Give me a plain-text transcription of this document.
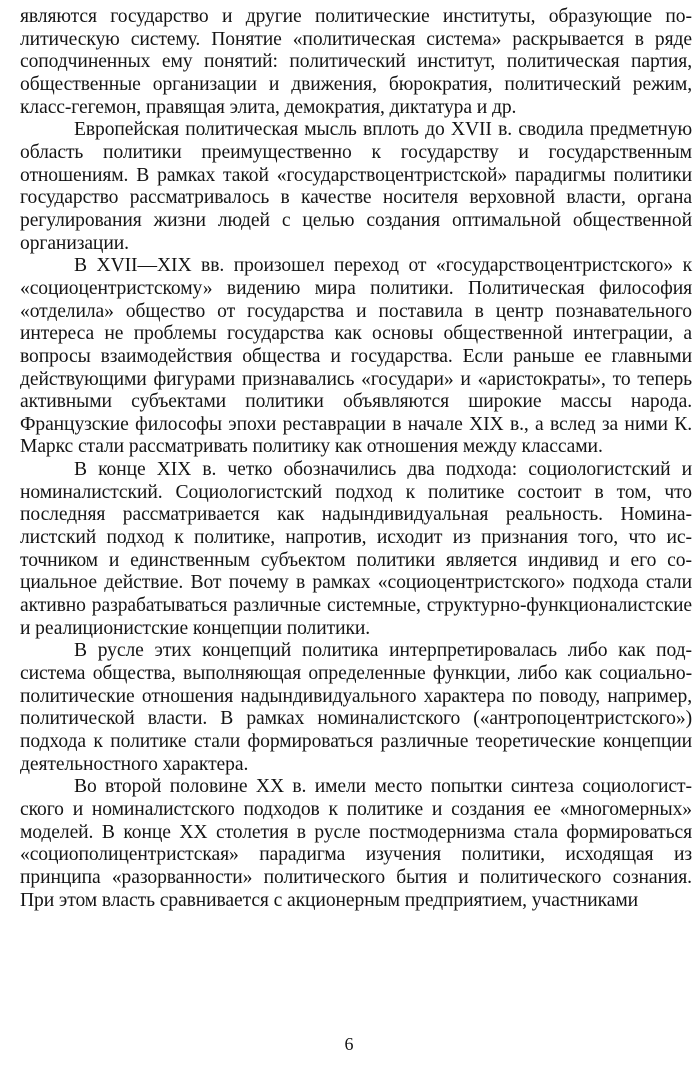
являются государство и другие политические институты, образующие политическую систему. Понятие «политическая система» раскрывается в ряде соподчиненных ему понятий: политический институт, политическая партия, общественные организации и движения, бюрократия, политический режим, класс-гегемон, правящая элита, демократия, диктатура и др.

Европейская политическая мысль вплоть до XVII в. сводила предметную область политики преимущественно к государству и государственным отношениям. В рамках такой «государствоцентристской» парадигмы политики государство рассматривалось в качестве носителя верховной власти, органа регулирования жизни людей с целью создания оптимальной общественной организации.

В XVII—XIX вв. произошел переход от «государствоцентристского» к «социоцентристскому» видению мира политики. Политическая философия «отделила» общество от государства и поставила в центр познавательного интереса не проблемы государства как основы общественной интеграции, а вопросы взаимодействия общества и государства. Если раньше ее главными действующими фигурами признавались «государи» и «аристократы», то теперь активными субъектами политики объявляются широкие массы народа. Французские философы эпохи реставрации в начале XIX в., а вслед за ними К. Маркс стали рассматривать политику как отношения между классами.

В конце XIX в. четко обозначились два подхода: социологистский и номиналистский. Социологистский подход к политике состоит в том, что последняя рассматривается как надындивидуальная реальность. Номиналистский подход к политике, напротив, исходит из признания того, что источником и единственным субъектом политики является индивид и его социальное действие. Вот почему в рамках «социоцентристского» подхода стали активно разрабатываться различные системные, структурно-функционалистские и реалиционистские концепции политики.

В русле этих концепций политика интерпретировалась либо как подсистема общества, выполняющая определенные функции, либо как социально-политические отношения надындивидуального характера по поводу, например, политической власти. В рамках номиналистского («антропоцентристского») подхода к политике стали формироваться различные теоретические концепции деятельностного характера.

Во второй половине XX в. имели место попытки синтеза социологистского и номиналистского подходов к политике и создания ее «многомерных» моделей. В конце XX столетия в русле постмодернизма стала формироваться «социополицентристская» парадигма изучения политики, исходящая из принципа «разорванности» политического бытия и политического сознания. При этом власть сравнивается с акционерным предприятием, участниками

6
